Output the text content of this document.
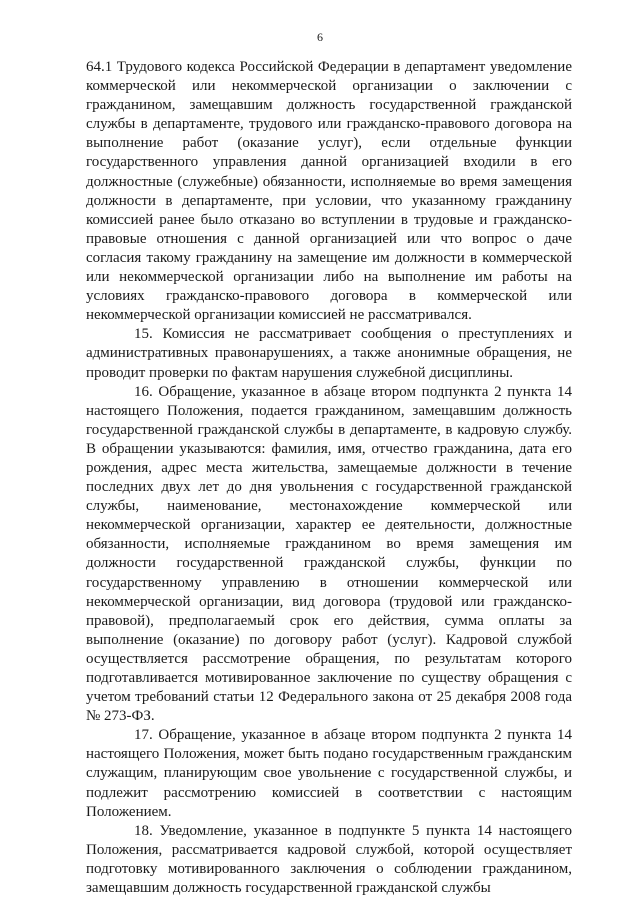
6

64.1 Трудового кодекса Российской Федерации в департамент уведомление коммерческой или некоммерческой организации о заключении с гражданином, замещавшим должность государственной гражданской службы в департаменте, трудового или гражданско-правового договора на выполнение работ (оказание услуг), если отдельные функции государственного управления данной организацией входили в его должностные (служебные) обязанности, исполняемые во время замещения должности в департаменте, при условии, что указанному гражданину комиссией ранее было отказано во вступлении в трудовые и гражданско-правовые отношения с данной организацией или что вопрос о даче согласия такому гражданину на замещение им должности в коммерческой или некоммерческой организации либо на выполнение им работы на условиях гражданско-правового договора в коммерческой или некоммерческой организации комиссией не рассматривался.

15. Комиссия не рассматривает сообщения о преступлениях и административных правонарушениях, а также анонимные обращения, не проводит проверки по фактам нарушения служебной дисциплины.

16. Обращение, указанное в абзаце втором подпункта 2 пункта 14 настоящего Положения, подается гражданином, замещавшим должность государственной гражданской службы в департаменте, в кадровую службу. В обращении указываются: фамилия, имя, отчество гражданина, дата его рождения, адрес места жительства, замещаемые должности в течение последних двух лет до дня увольнения с государственной гражданской службы, наименование, местонахождение коммерческой или некоммерческой организации, характер ее деятельности, должностные обязанности, исполняемые гражданином во время замещения им должности государственной гражданской службы, функции по государственному управлению в отношении коммерческой или некоммерческой организации, вид договора (трудовой или гражданско-правовой), предполагаемый срок его действия, сумма оплаты за выполнение (оказание) по договору работ (услуг). Кадровой службой осуществляется рассмотрение обращения, по результатам которого подготавливается мотивированное заключение по существу обращения с учетом требований статьи 12 Федерального закона от 25 декабря 2008 года № 273-ФЗ.

17. Обращение, указанное в абзаце втором подпункта 2 пункта 14 настоящего Положения, может быть подано государственным гражданским служащим, планирующим свое увольнение с государственной службы, и подлежит рассмотрению комиссией в соответствии с настоящим Положением.

18. Уведомление, указанное в подпункте 5 пункта 14 настоящего Положения, рассматривается кадровой службой, которой осуществляет подготовку мотивированного заключения о соблюдении гражданином, замещавшим должность государственной гражданской службы
